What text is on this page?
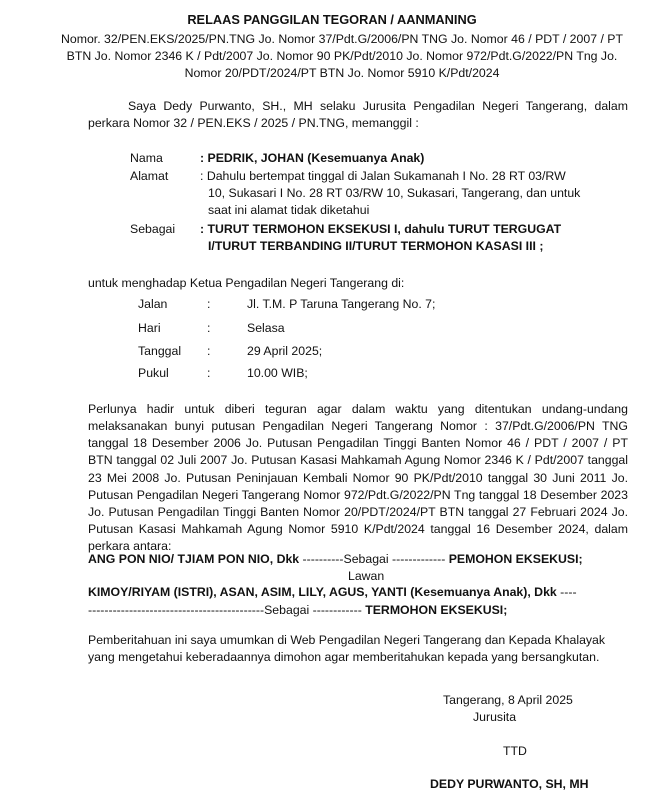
RELAAS PANGGILAN TEGORAN / AANMANING
Nomor. 32/PEN.EKS/2025/PN.TNG Jo. Nomor 37/Pdt.G/2006/PN TNG Jo. Nomor 46 / PDT / 2007 / PT BTN Jo. Nomor 2346 K / Pdt/2007 Jo. Nomor 90 PK/Pdt/2010 Jo. Nomor 972/Pdt.G/2022/PN Tng Jo. Nomor 20/PDT/2024/PT BTN Jo. Nomor 5910 K/Pdt/2024
Saya Dedy Purwanto, SH., MH selaku Jurusita Pengadilan Negeri Tangerang, dalam perkara Nomor 32 / PEN.EKS / 2025 / PN.TNG, memanggil :
Nama	: PEDRIK, JOHAN (Kesemuanya Anak)
Alamat	: Dahulu bertempat tinggal di Jalan Sukamanah I No. 28 RT 03/RW
10, Sukasari I No. 28 RT 03/RW 10, Sukasari, Tangerang, dan untuk
saat ini alamat tidak diketahui
Sebagai : TURUT TERMOHON EKSEKUSI I, dahulu TURUT TERGUGAT
I/TURUT TERBANDING II/TURUT TERMOHON KASASI III ;
untuk menghadap Ketua Pengadilan Negeri Tangerang di:
Jalan	:	Jl. T.M. P Taruna Tangerang No. 7;
Hari	:	Selasa
Tanggal :	29 April 2025;
Pukul	:	10.00 WIB;
Perlunya hadir untuk diberi teguran agar dalam waktu yang ditentukan undang-undang melaksanakan bunyi putusan Pengadilan Negeri Tangerang Nomor : 37/Pdt.G/2006/PN TNG tanggal 18 Desember 2006 Jo. Putusan Pengadilan Tinggi Banten Nomor 46 / PDT / 2007 / PT BTN tanggal 02 Juli 2007 Jo. Putusan Kasasi Mahkamah Agung Nomor 2346 K / Pdt/2007 tanggal 23 Mei 2008 Jo. Putusan Peninjauan Kembali Nomor 90 PK/Pdt/2010 tanggal 30 Juni 2011 Jo. Putusan Pengadilan Negeri Tangerang Nomor 972/Pdt.G/2022/PN Tng tanggal 18 Desember 2023 Jo. Putusan Pengadilan Tinggi Banten Nomor 20/PDT/2024/PT BTN tanggal 27 Februari 2024 Jo. Putusan Kasasi Mahkamah Agung Nomor 5910 K/Pdt/2024 tanggal 16 Desember 2024, dalam perkara antara:
ANG PON NIO/ TJIAM PON NIO, Dkk ----------Sebagai ------------- PEMOHON EKSEKUSI;
Lawan
KIMOY/RIYAM (ISTRI), ASAN, ASIM, LILY, AGUS, YANTI (Kesemuanya Anak), Dkk ----
-------------------------------------------Sebagai ------------ TERMOHON EKSEKUSI;
Pemberitahuan ini saya umumkan di Web Pengadilan Negeri Tangerang dan Kepada Khalayak yang mengetahui keberadaannya dimohon agar memberitahukan kepada yang bersangkutan.
Tangerang, 8 April 2025
Jurusita
TTD
DEDY PURWANTO, SH, MH
